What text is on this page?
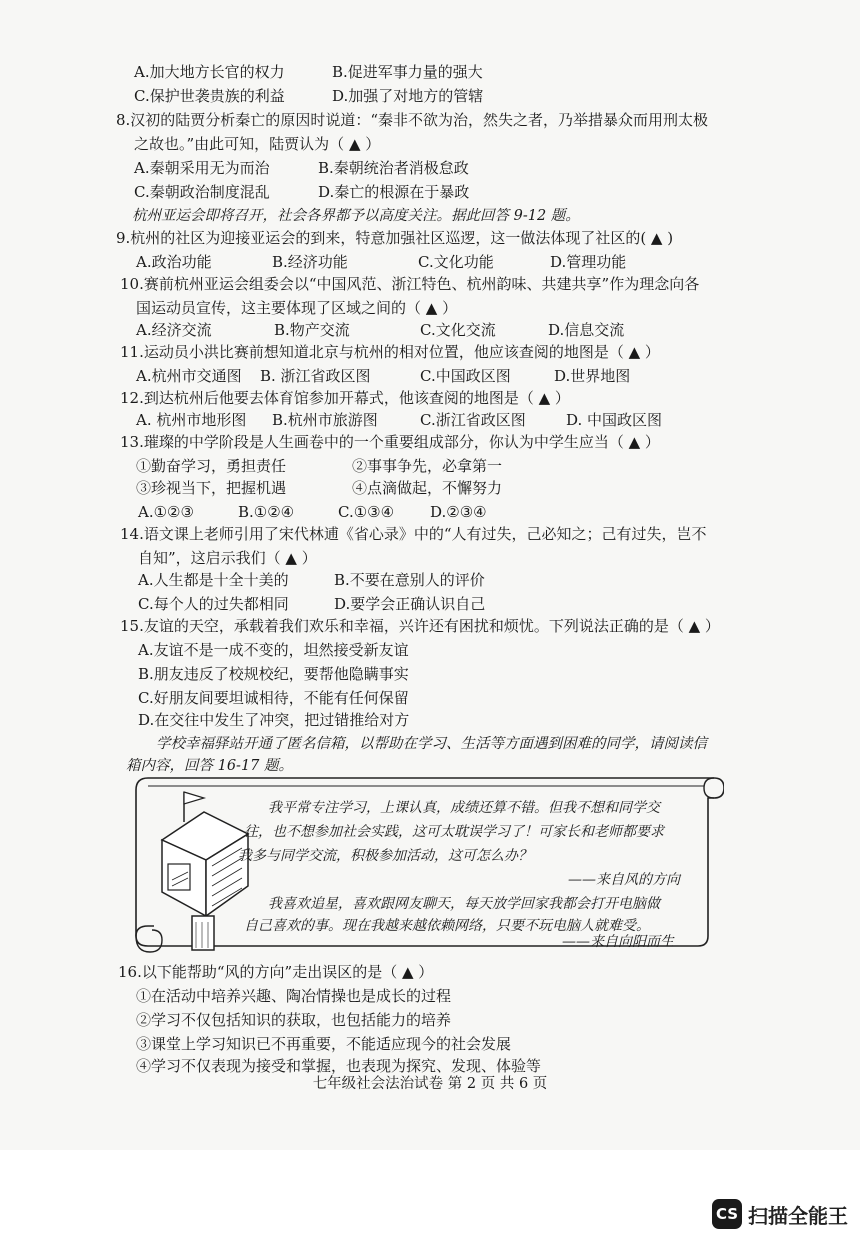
A.加大地方长官的权力	B.促进军事力量的强大
C.保护世袭贵族的利益	D.加强了对地方的管辖
8.汉初的陆贾分析秦亡的原因时说道：“秦非不欲为治，然失之者，乃举措暴众而用刑太极
之故也。”由此可知，陆贾认为（ ▲ ）
A.秦朝采用无为而治	B.秦朝统治者消极怠政
C.秦朝政治制度混乱	D.秦亡的根源在于暴政
杭州亚运会即将召开，社会各界都予以高度关注。据此回答 9-12 题。
9.杭州的社区为迎接亚运会的到来，特意加强社区巡逻，这一做法体现了社区的( ▲ )
A.政治功能	B.经济功能	C.文化功能	D.管理功能
10.赛前杭州亚运会组委会以“中国风范、浙江特色、杭州韵味、共建共享”作为理念向各
国运动员宣传，这主要体现了区域之间的（ ▲ ）
A.经济交流	B.物产交流	C.文化交流	D.信息交流
11.运动员小洪比赛前想知道北京与杭州的相对位置，他应该查阅的地图是（ ▲ ）
A.杭州市交通图 B. 浙江省政区图	C.中国政区图	D.世界地图
12.到达杭州后他要去体育馆参加开幕式，他该查阅的地图是（ ▲ ）
A. 杭州市地形图 B.杭州市旅游图	C.浙江省政区图	D. 中国政区图
13.璀璨的中学阶段是人生画卷中的一个重要组成部分，你认为中学生应当（ ▲ ）
①勤奋学习，勇担责任	②事事争先，必拿第一
③珍视当下，把握机遇	④点滴做起，不懈努力
A.①②③	B.①②④	C.①③④ D.②③④
14.语文课上老师引用了宋代林逋《省心录》中的“人有过失，己必知之；己有过失，岂不
自知”，这启示我们（ ▲ ）
A.人生都是十全十美的	B.不要在意别人的评价
C.每个人的过失都相同	D.要学会正确认识自己
15.友谊的天空，承载着我们欢乐和幸福，兴许还有困扰和烦忧。下列说法正确的是（ ▲ ）
A.友谊不是一成不变的，坦然接受新友谊
B.朋友违反了校规校纪，要帮他隐瞒事实
C.好朋友间要坦诚相待，不能有任何保留
D.在交往中发生了冲突，把过错推给对方
学校幸福驿站开通了匿名信箱，以帮助在学习、生活等方面遇到困难的同学，请阅读信
箱内容，回答 16-17 题。
16.以下能帮助“风的方向”走出误区的是（ ▲ ）
①在活动中培养兴趣、陶冶情操也是成长的过程
②学习不仅包括知识的获取，也包括能力的培养
③课堂上学习知识已不再重要，不能适应现今的社会发展
④学习不仅表现为接受和掌握，也表现为探究、发现、体验等
我平常专注学习，上课认真，成绩还算不错。但我不想和同学交
往，也不想参加社会实践，这可太耽误学习了！可家长和老师都要求
我多与同学交流，积极参加活动，这可怎么办？
——来自风的方向
我喜欢追星，喜欢跟网友聊天，每天放学回家我都会打开电脑做
自己喜欢的事。现在我越来越依赖网络，只要不玩电脑人就难受。
——来自向阳而生
七年级社会法治试卷 第 2 页 共 6 页
CS 扫描全能王
